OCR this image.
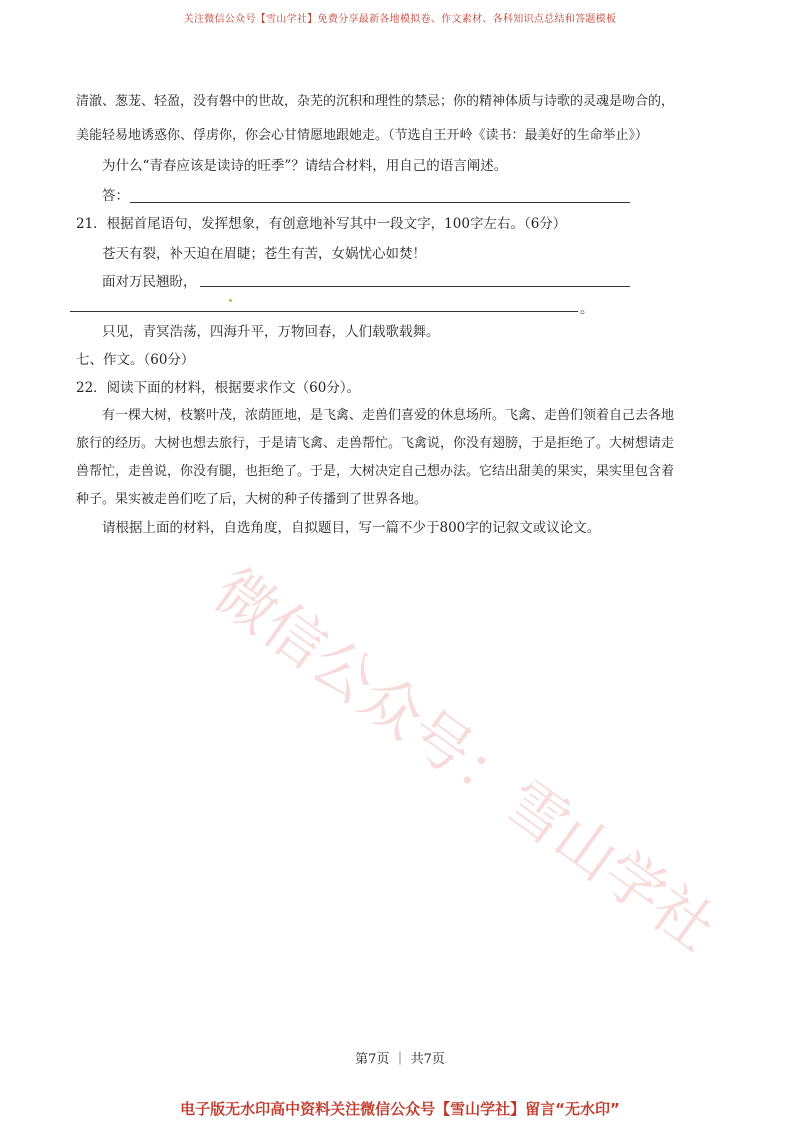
关注微信公众号【雪山学社】免费分享最新各地模拟卷、作文素材、各科知识点总结和答题模板
清澈、葱茏、轻盈，没有磐中的世故，杂芜的沉积和理性的禁忌；你的精神体质与诗歌的灵魂是吻合的，
美能轻易地诱惑你、俘虏你，你会心甘情愿地跟她走。（节选自王开岭《读书：最美好的生命举止》）
为什么“青春应该是读诗的旺季”？请结合材料，用自己的语言阐述。
答：
21．根据首尾语句，发挥想象，有创意地补写其中一段文字，100字左右。（6分）
苍天有裂，补天迫在眉睫；苍生有苦，女娲忧心如焚！
面对万民翘盼，
。
只见，青冥浩荡，四海升平，万物回春，人们载歌载舞。
七、作文。（60分）
22．阅读下面的材料，根据要求作文（60分）。
有一棵大树，枝繁叶茂，浓荫匝地，是飞禽、走兽们喜爱的休息场所。飞禽、走兽们领着自己去各地
旅行的经历。大树也想去旅行，于是请飞禽、走兽帮忙。飞禽说，你没有翅膀，于是拒绝了。大树想请走
兽帮忙，走兽说，你没有腿，也拒绝了。于是，大树决定自己想办法。它结出甜美的果实，果实里包含着
种子。果实被走兽们吃了后，大树的种子传播到了世界各地。
请根据上面的材料，自选角度，自拟题目，写一篇不少于800字的记叙文或议论文。
微信公众号：雪山学社
第7页 ｜ 共7页
电子版无水印高中资料关注微信公众号【雪山学社】留言“无水印”
